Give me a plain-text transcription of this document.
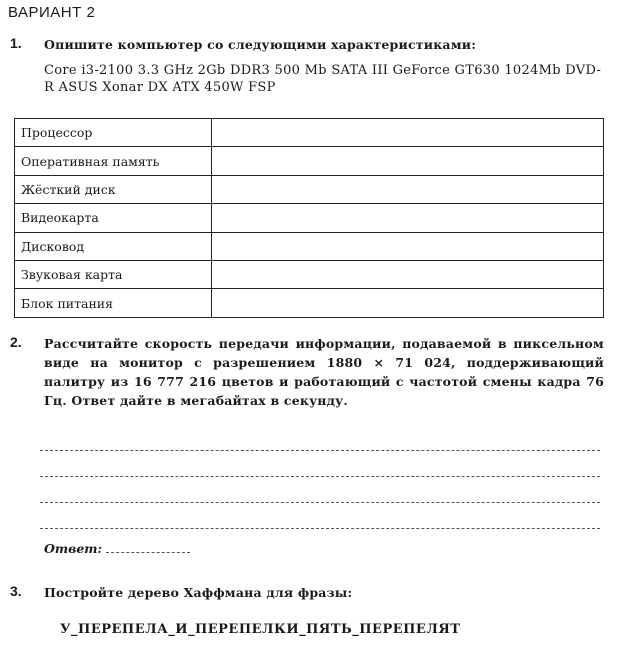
ВАРИАНТ 2
1. Опишите компьютер со следующими характеристиками:
Core i3-2100 3.3 GHz 2Gb DDR3 500 Mb SATA III GeForce GT630 1024Mb DVD-R ASUS Xonar DX ATX 450W FSP
Процессор	
Оперативная память	
Жёсткий диск	
Видеокарта	
Дисковод	
Звуковая карта	
Блок питания	
2. Рассчитайте скорость передачи информации, подаваемой в пиксельном виде на монитор с разрешением 1880 × 71 024, поддерживающий палитру из 16 777 216 цветов и работающий с частотой смены кадра 76 Гц. Ответ дайте в мегабайтах в секунду.
Ответ:
3. Постройте дерево Хаффмана для фразы:
У_ПЕРЕПЕЛА_И_ПЕРЕПЕЛКИ_ПЯТЬ_ПЕРЕПЕЛЯТ
